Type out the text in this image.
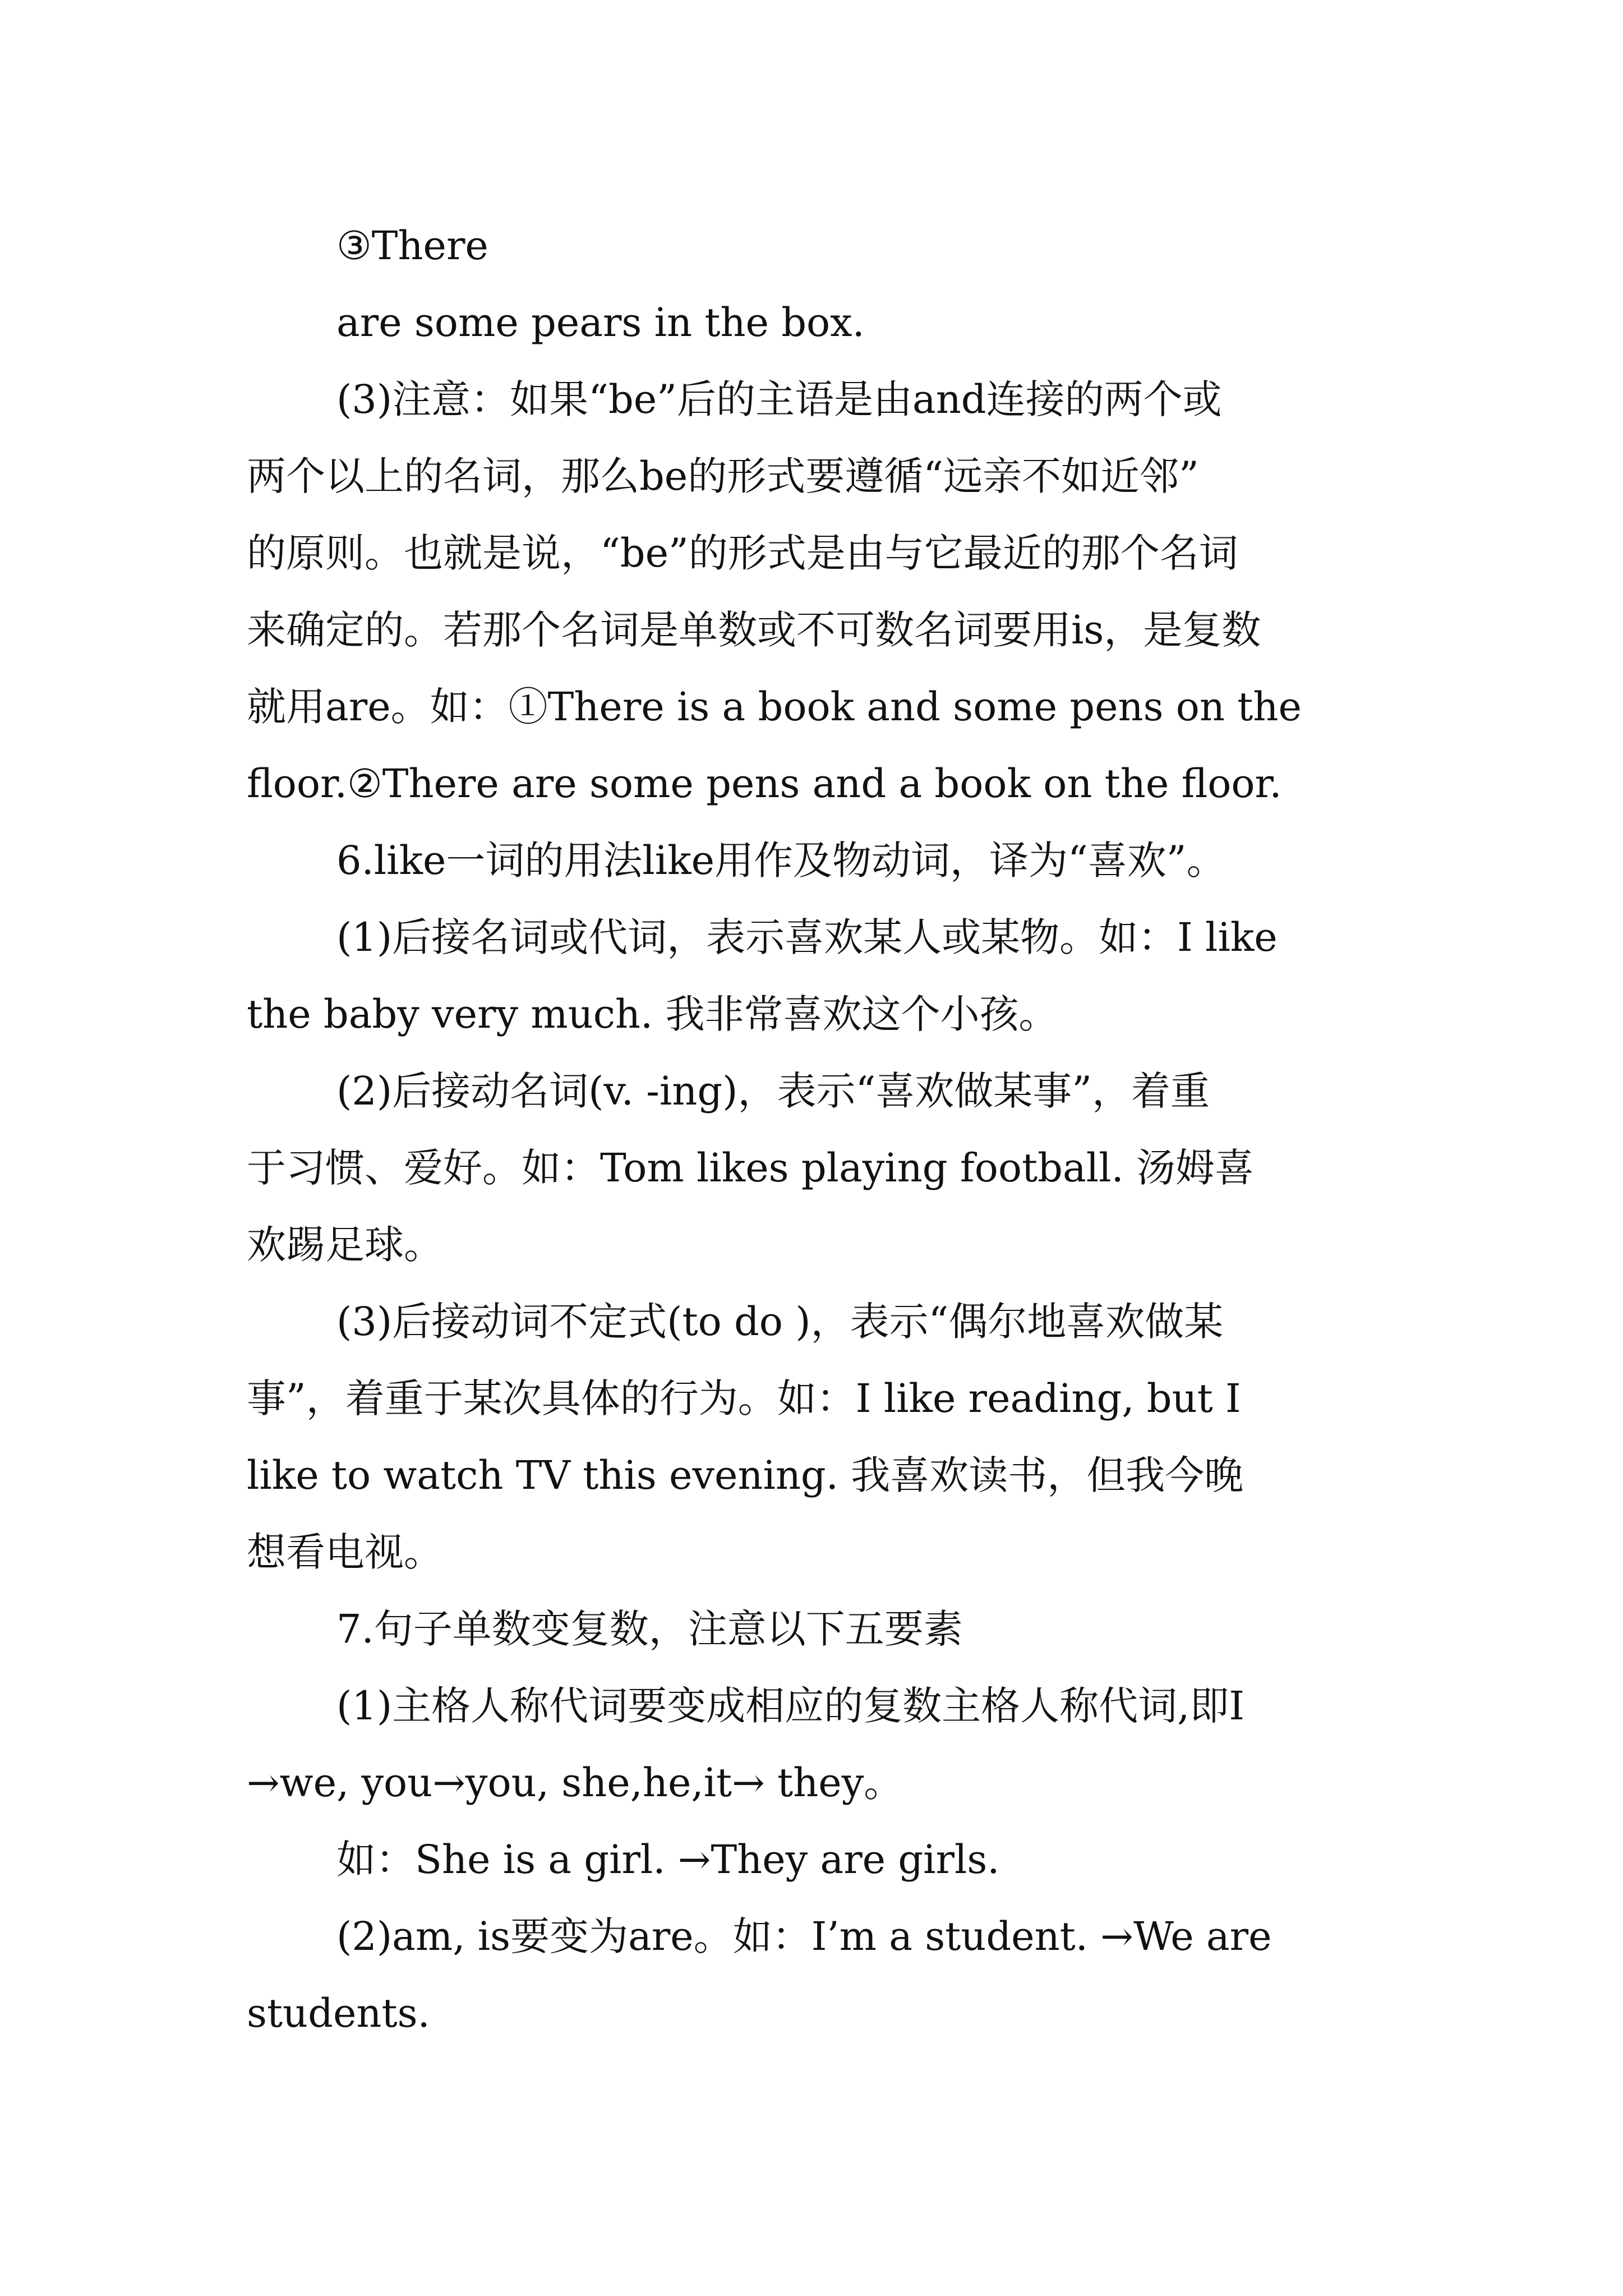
③There
are some pears in the box.
(3)注意：如果“be”后的主语是由and连接的两个或
两个以上的名词，那么be的形式要遵循“远亲不如近邻”
的原则。也就是说，“be”的形式是由与它最近的那个名词
来确定的。若那个名词是单数或不可数名词要用is，是复数
就用are。如：①There is a book and some pens on the
floor.②There are some pens and a book on the floor.
6.like一词的用法like用作及物动词，译为“喜欢”。
(1)后接名词或代词，表示喜欢某人或某物。如：I like
the baby very much. 我非常喜欢这个小孩。
(2)后接动名词(v. -ing)，表示“喜欢做某事”，着重
于习惯、爱好。如：Tom likes playing football. 汤姆喜
欢踢足球。
(3)后接动词不定式(to do )，表示“偶尔地喜欢做某
事”，着重于某次具体的行为。如：I like reading, but I
like to watch TV this evening. 我喜欢读书，但我今晚
想看电视。
7.句子单数变复数，注意以下五要素
(1)主格人称代词要变成相应的复数主格人称代词,即I
→we, you→you, she,he,it→ they。
如：She is a girl. →They are girls.
(2)am, is要变为are。如：I’m a student. →We are
students.
